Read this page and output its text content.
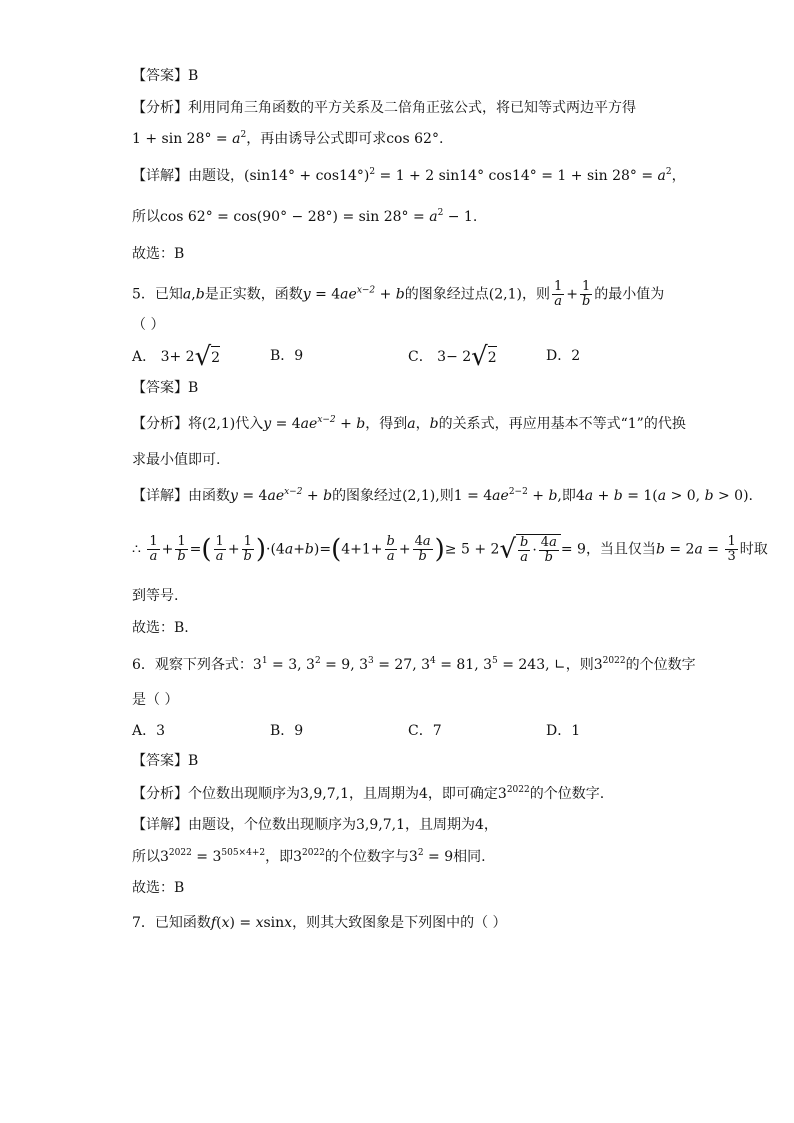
【答案】B
【分析】利用同角三角函数的平方关系及二倍角正弦公式，将已知等式两边平方得
$1 + \sin 28^\circ = a^2$，再由诱导公式即可求cos 62°.
【详解】由题设，$(\sin 14^\circ + \cos 14^\circ)^2 = 1 + 2$ sin14° $\cos 14^\circ = 1 + \sin 28^\circ = a^2$，
所以$\cos 62^\circ = \cos(90^\circ - 28^\circ) = \sin 28^\circ = a^2 - 1$.
故选：B
5．已知a,b是正实数，函数$y = 4ae^{x-2} + b$的图象经过点(2,1)，则 $\frac{1}{a} + \frac{1}{b}$ 的最小值为
（ ）
A． 3+ 2√2	B．9	C． 3− 2√2	D．2
【答案】B
【分析】将(2,1)代入$y = 4ae^{x-2} + b$，得到a，b的关系式，再应用基本不等式“1”的代换
求最小值即可.
【详解】由函数$y = 4ae^{x-2} + b$的图象经过(2,1),则$1 = 4ae^{2-2} + b$,即4a + b = 1(a > 0, b > 0).
∴ $\frac{1}{a} + \frac{1}{b}$ =( $\frac{1}{a} + \frac{1}{b} )\cdot(4a+b)=(4+1+ \frac{b}{a} + \frac{4a}{b}$ )≥ $5 + 2√ \frac{b}{a} \cdot \frac{4a}{b} = 9$，当且仅当$b = 2a = \frac{1}{3}$ 时取
到等号.
故选：B.
6．观察下列各式：$3^1 = 3$, $3^2 = 9$, $3^3 = 27$, $3^4 = 81$, $3^5 = 243$, ∟，则$3^{2022}$的个位数字
是（ ）
A．3	B．9	C．7	D．1
【答案】B
【分析】个位数出现顺序为3,9,7,1，且周期为4，即可确定$3^{2022}$的个位数字.
【详解】由题设，个位数出现顺序为3,9,7,1，且周期为4，
所以$3^{2022} = 3^{505\times 4+2}$，即$3^{2022}$的个位数字与$3^2 = 9$相同.
故选：B
7．已知函数f(x) = xsinx，则其大致图象是下列图中的（ ）
